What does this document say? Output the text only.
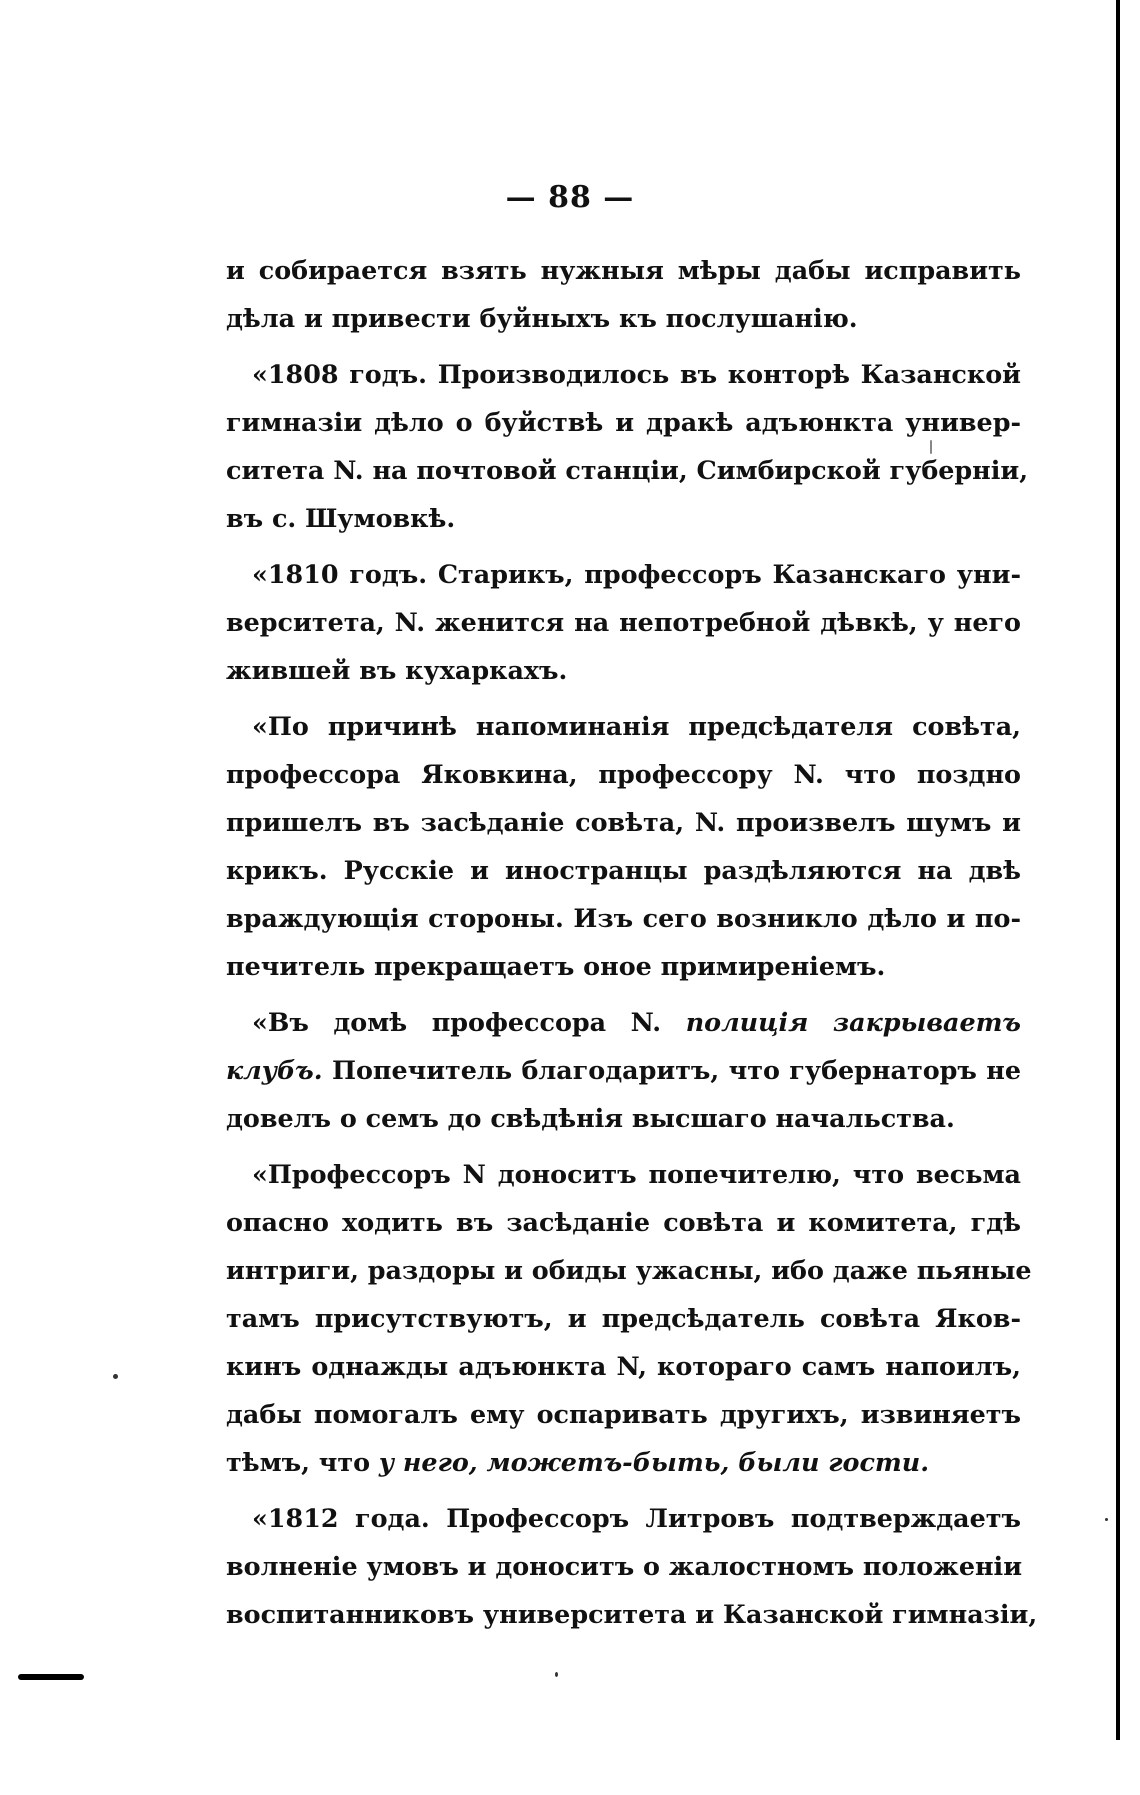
— 88 —
и собирается взять нужныя мѣры дабы исправить
дѣла и привести буйныхъ къ послушанію.
«1808 годъ. Производилось въ конторѣ Казанской
гимназіи дѣло о буйствѣ и дракѣ адъюнкта универ-
ситета N. на почтовой станціи, Симбирской губерніи,
въ с. Шумовкѣ.
«1810 годъ. Старикъ, профессоръ Казанскаго уни-
верситета, N. женится на непотребной дѣвкѣ, у него
жившей въ кухаркахъ.
«По причинѣ напоминанія предсѣдателя совѣта,
профессора Яковкина, профессору N. что поздно
пришелъ въ засѣданіе совѣта, N. произвелъ шумъ и
крикъ. Русскіе и иностранцы раздѣляются на двѣ
враждующія стороны. Изъ сего возникло дѣло и по-
печитель прекращаетъ оное примиреніемъ.
«Въ домѣ профессора N. полиція закрываетъ
клубъ. Попечитель благодаритъ, что губернаторъ не
довелъ о семъ до свѣдѣнія высшаго начальства.
«Профессоръ N доноситъ попечителю, что весьма
опасно ходить въ засѣданіе совѣта и комитета, гдѣ
интриги, раздоры и обиды ужасны, ибо даже пьяные
тамъ присутствуютъ, и предсѣдатель совѣта Яков-
кинъ однажды адъюнкта N, котораго самъ напоилъ,
дабы помогалъ ему оспаривать другихъ, извиняетъ
тѣмъ, что у него, можетъ-быть, были гости.
«1812 года. Профессоръ Литровъ подтверждаетъ
волненіе умовъ и доноситъ о жалостномъ положеніи
воспитанниковъ университета и Казанской гимназіи,
